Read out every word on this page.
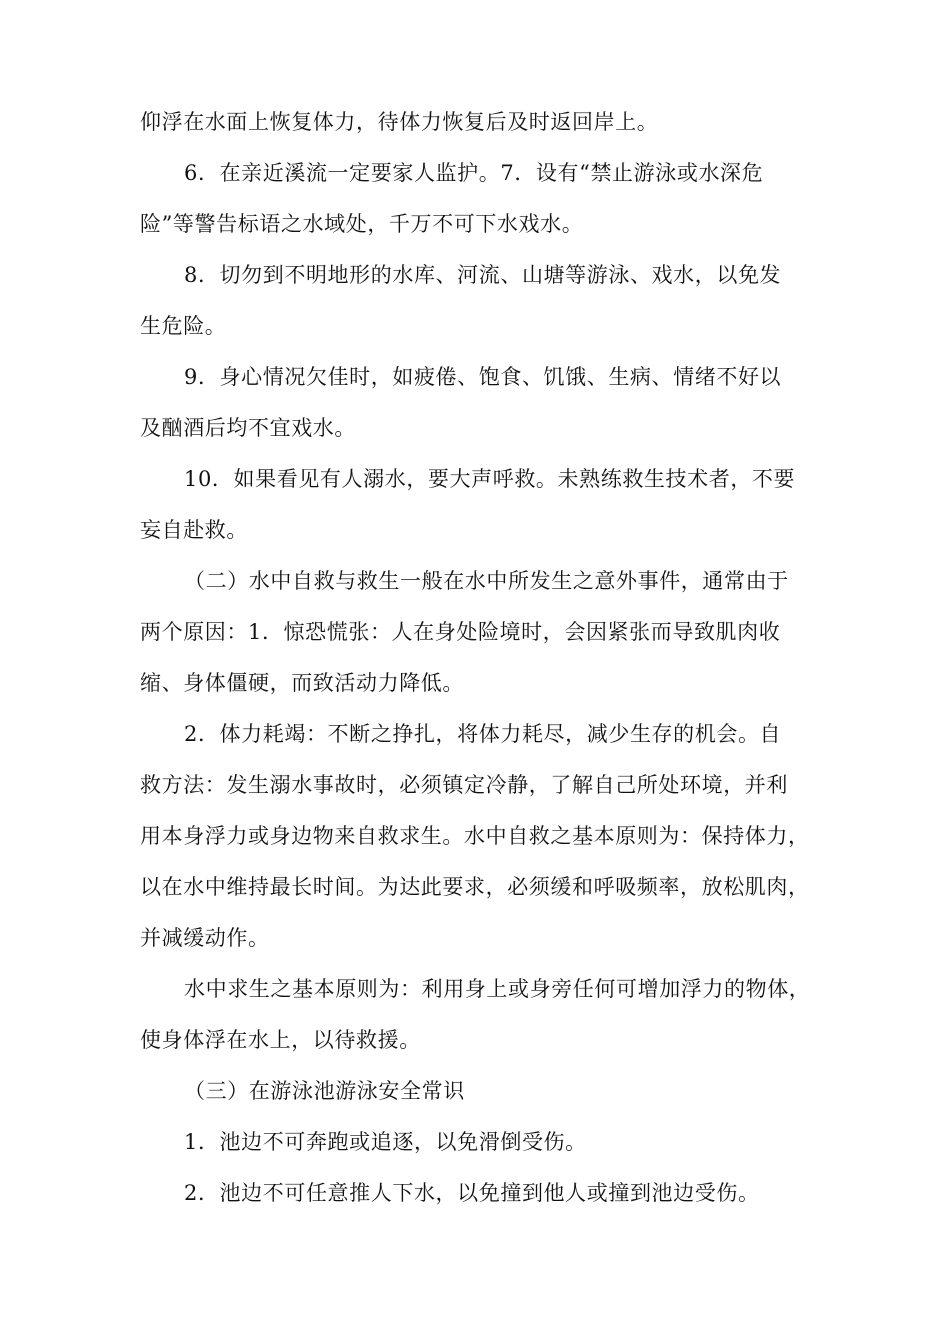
仰浮在水面上恢复体力，待体力恢复后及时返回岸上。
6．在亲近溪流一定要家人监护。7．设有“禁止游泳或水深危
险”等警告标语之水域处，千万不可下水戏水。
8．切勿到不明地形的水库、河流、山塘等游泳、戏水，以免发
生危险。
9．身心情况欠佳时，如疲倦、饱食、饥饿、生病、情绪不好以
及酗酒后均不宜戏水。
10．如果看见有人溺水，要大声呼救。未熟练救生技术者，不要
妄自赴救。
（二）水中自救与救生一般在水中所发生之意外事件，通常由于
两个原因：1．惊恐慌张：人在身处险境时，会因紧张而导致肌肉收
缩、身体僵硬，而致活动力降低。
2．体力耗竭：不断之挣扎，将体力耗尽，减少生存的机会。自
救方法：发生溺水事故时，必须镇定冷静，了解自己所处环境，并利
用本身浮力或身边物来自救求生。水中自救之基本原则为：保持体力，
以在水中维持最长时间。为达此要求，必须缓和呼吸频率，放松肌肉，
并减缓动作。
水中求生之基本原则为：利用身上或身旁任何可增加浮力的物体，
使身体浮在水上，以待救援。
（三）在游泳池游泳安全常识
1．池边不可奔跑或追逐，以免滑倒受伤。
2．池边不可任意推人下水，以免撞到他人或撞到池边受伤。
